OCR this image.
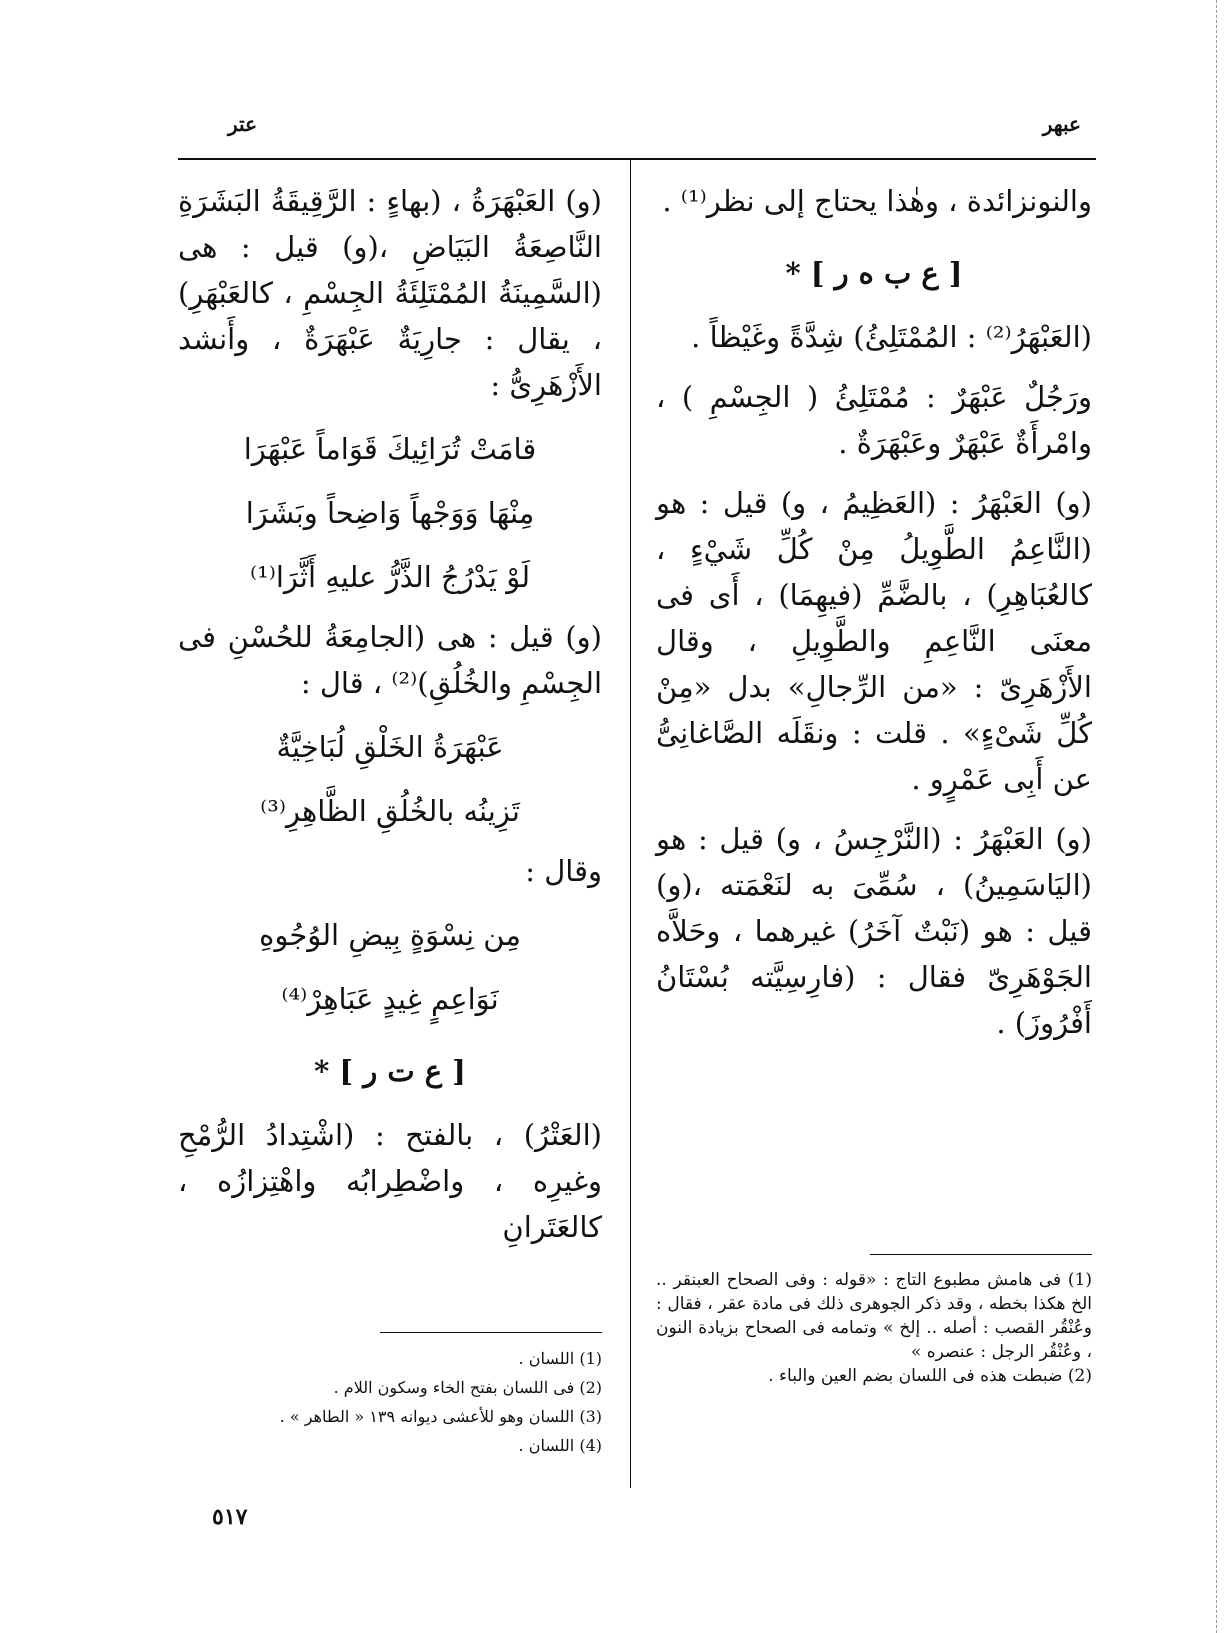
عبهر
عتر

والنونزائدة ، وهٰذا يحتاج إلى نظر⁽¹⁾ .

[ ع ب ه ر ] *

(العَبْهَرُ⁽²⁾ : المُمْتَلِئُ) شِدَّةً وغَيْظاً .

ورَجُلٌ عَبْهَرٌ : مُمْتَلِئُ ( الجِسْمِ ) ، وامْرأَةٌ عَبْهَرٌ وعَبْهَرَةٌ .

(و) العَبْهَرُ : (العَظِيمُ ، و) قيل : هو (النَّاعِمُ الطَّوِيلُ مِنْ كُلِّ شَيْءٍ ، كالعُبَاهِرِ) ، بالضَّمِّ (فيهِمَا) ، أَى فى معنَى النَّاعِمِ والطَّوِيلِ ، وقال الأَزْهَرِىّ : «من الرِّجالِ» بدل «مِنْ كُلِّ شَىْءٍ» . قلت : ونقَلَه الصَّاغانِىُّ عن أَبِى عَمْرٍو .

(و) العَبْهَرُ : (النَّرْجِسُ ، و) قيل : هو (اليَاسَمِينُ) ، سُمِّىَ به لنَعْمَته ،(و) قيل : هو (نَبْتٌ آخَرُ) غيرهما ، وحَلاَّه الجَوْهَرِىّ فقال : (فارِسِيَّته بُسْتَانُ أَفْرُوزَ) .

(1) فى هامش مطبوع التاج : «قوله : وفى الصحاح العبنقر .. الخ هكذا بخطه ، وقد ذكر الجوهرى ذلك فى مادة عقر ، فقال : وعُنْقُر القصب : أصله .. إلخ » وتمامه فى الصحاح بزيادة النون ، وعُنْقُر الرجل : عنصره »

(2) ضبطت هذه فى اللسان بضم العين والباء .

(و) العَبْهَرَةُ ، (بهاءٍ : الرَّقِيقَةُ البَشَرَةِ النَّاصِعَةُ البَيَاضِ ،(و) قيل : هى (السَّمِينَةُ المُمْتَلِئَةُ الجِسْمِ ، كالعَبْهَرِ) ، يقال : جارِيَةٌ عَبْهَرَةٌ ، وأَنشد الأَزْهَرِىُّ :

قامَتْ تُرَائِيكَ قَوَاماً عَبْهَرَا

مِنْهَا وَوَجْهاً وَاضِحاً وبَشَرَا

لَوْ يَدْرُجُ الذَّرُّ عليهِ أَثَّرَا⁽¹⁾

(و) قيل : هى (الجامِعَةُ للحُسْنِ فى الجِسْمِ والخُلُقِ)⁽²⁾ ، قال :

عَبْهَرَةُ الخَلْقِ لُبَاخِيَّةٌ

تَزِينُه بالخُلُقِ الظَّاهِرِ⁽³⁾

وقال :

مِن نِسْوَةٍ بِيضِ الوُجُوهِ

نَوَاعِمٍ غِيدٍ عَبَاهِرْ⁽⁴⁾

[ ع ت ر ] *

(العَتْرُ) ، بالفتح : (اشْتِدادُ الرُّمْحِ وغيرِه ، واضْطِرابُه واهْتِزازُه ، كالعَتَرانِ

(1) اللسان .

(2) فى اللسان بفتح الخاء وسكون اللام .

(3) اللسان وهو للأعشى ديوانه ١٣٩ « الطاهر » .

(4) اللسان .

٥١٧
